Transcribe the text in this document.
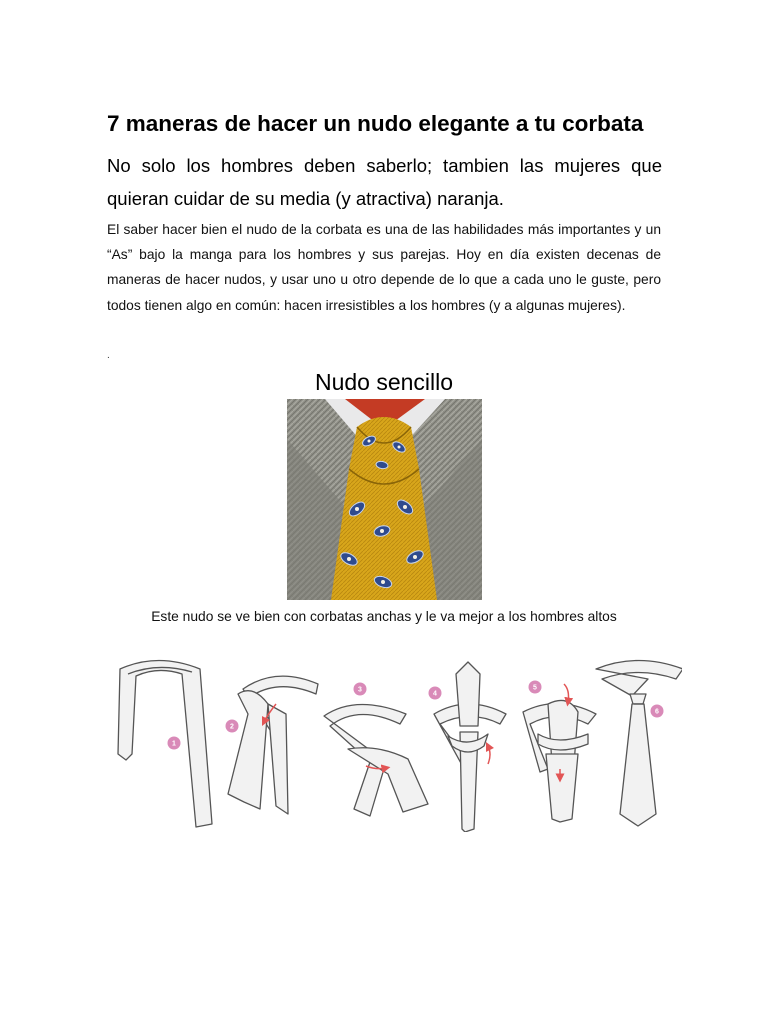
7 maneras de hacer un nudo elegante a tu corbata

No solo los hombres deben saberlo; tambien las mujeres que quieran cuidar de su media (y atractiva) naranja.

El saber hacer bien el nudo de la corbata es una de las habilidades más importantes y un “As” bajo la manga para los hombres y sus parejas. Hoy en día existen decenas de maneras de hacer nudos, y usar uno u otro depende de lo que a cada uno le guste, pero todos tienen algo en común: hacen irresistibles a los hombres (y a algunas mujeres).

.
Nudo sencillo
Este nudo se ve bien con corbatas anchas y le va mejor a los hombres altos
1
2
3
4
5
6
